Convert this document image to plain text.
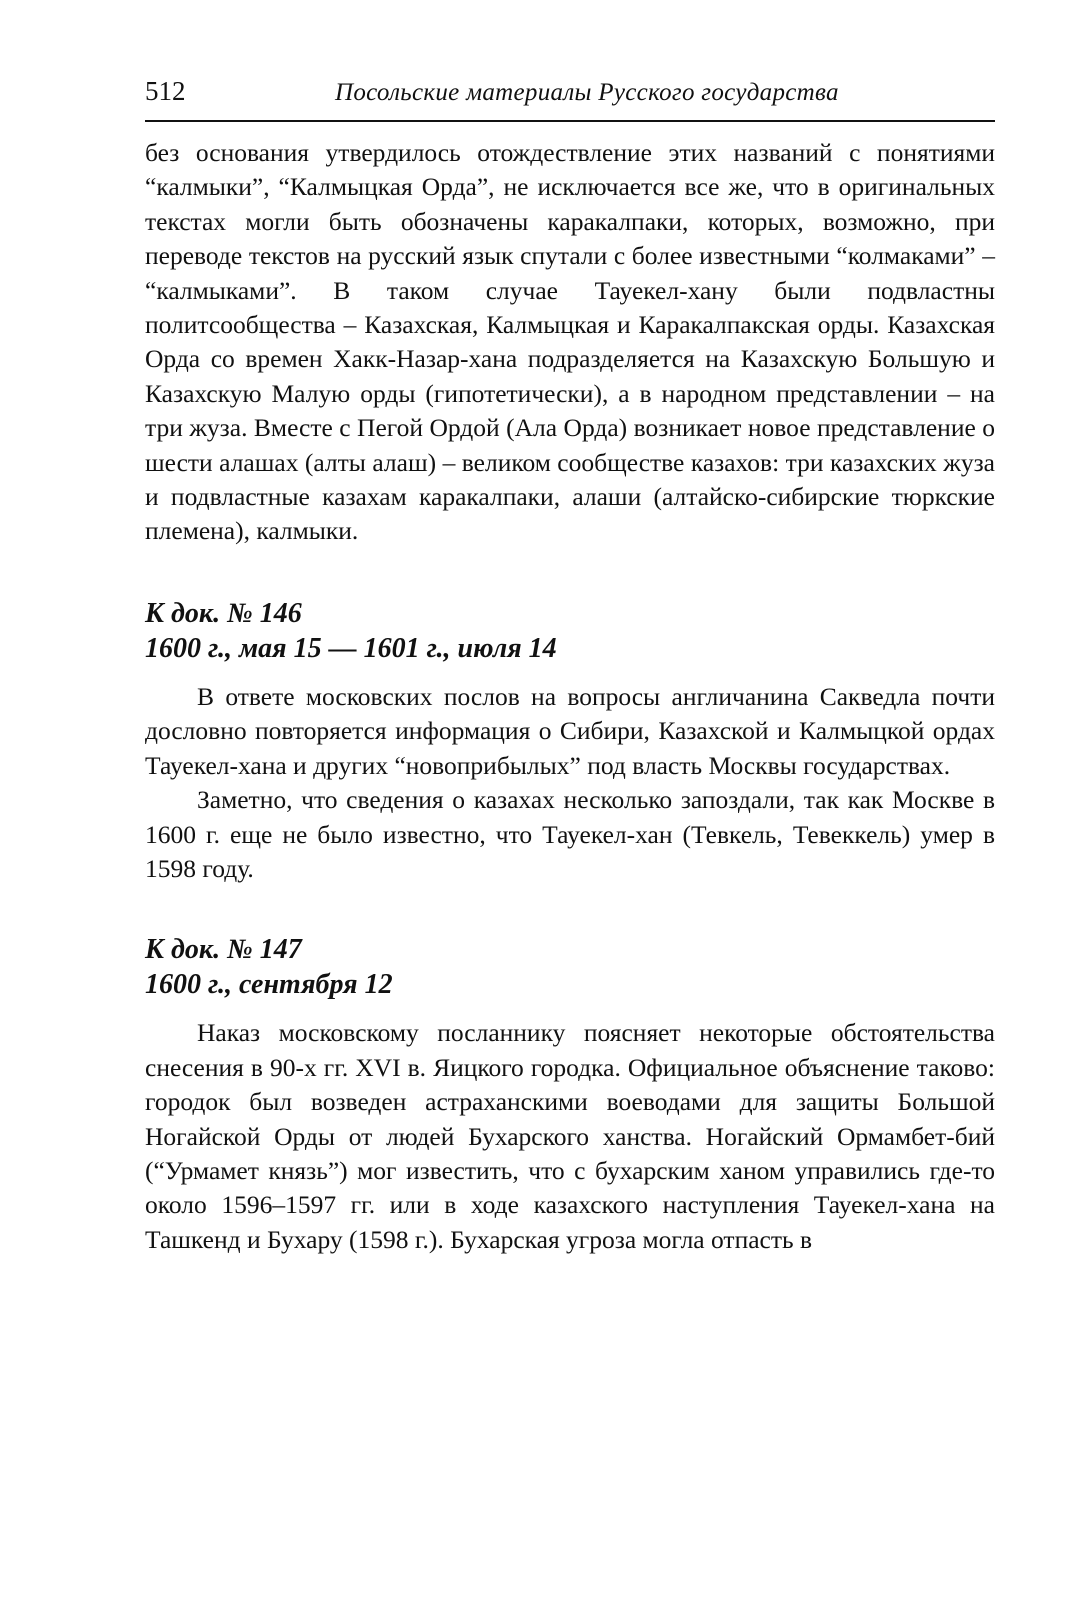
512	Посольские материалы Русского государства

без основания утвердилось отождествление этих названий с понятиями “калмыки”, “Калмыцкая Орда”, не исключается все же, что в оригинальных текстах могли быть обозначены каракалпаки, которых, возможно, при переводе текстов на русский язык спутали с более известными “колмаками” – “калмыками”. В таком случае Тауекел-хану были подвластны политсообщества – Казахская, Калмыцкая и Каракалпакская орды. Казахская Орда со времен Хакк-Назар-хана подразделяется на Казахскую Большую и Казахскую Малую орды (гипотетически), а в народном представлении – на три жуза. Вместе с Пегой Ордой (Ала Орда) возникает новое представление о шести алашах (алты алаш) – великом сообществе казахов: три казахских жуза и подвластные казахам каракалпаки, алаши (алтайско-сибирские тюркские племена), калмыки.

К док. № 146
1600 г., мая 15 — 1601 г., июля 14

В ответе московских послов на вопросы англичанина Сакведла почти дословно повторяется информация о Сибири, Казахской и Калмыцкой ордах Тауекел-хана и других “новоприбылых” под власть Москвы государствах.

Заметно, что сведения о казахах несколько запоздали, так как Москве в 1600 г. еще не было известно, что Тауекел-хан (Тевкель, Тевеккель) умер в 1598 году.

К док. № 147
1600 г., сентября 12

Наказ московскому посланнику поясняет некоторые обстоятельства снесения в 90-х гг. XVI в. Яицкого городка. Официальное объяснение таково: городок был возведен астраханскими воеводами для защиты Большой Ногайской Орды от людей Бухарского ханства. Ногайский Ормамбет-бий (“Урмамет князь”) мог известить, что с бухарским ханом управились где-то около 1596–1597 гг. или в ходе казахского наступления Тауекел-хана на Ташкенд и Бухару (1598 г.). Бухарская угроза могла отпасть в
